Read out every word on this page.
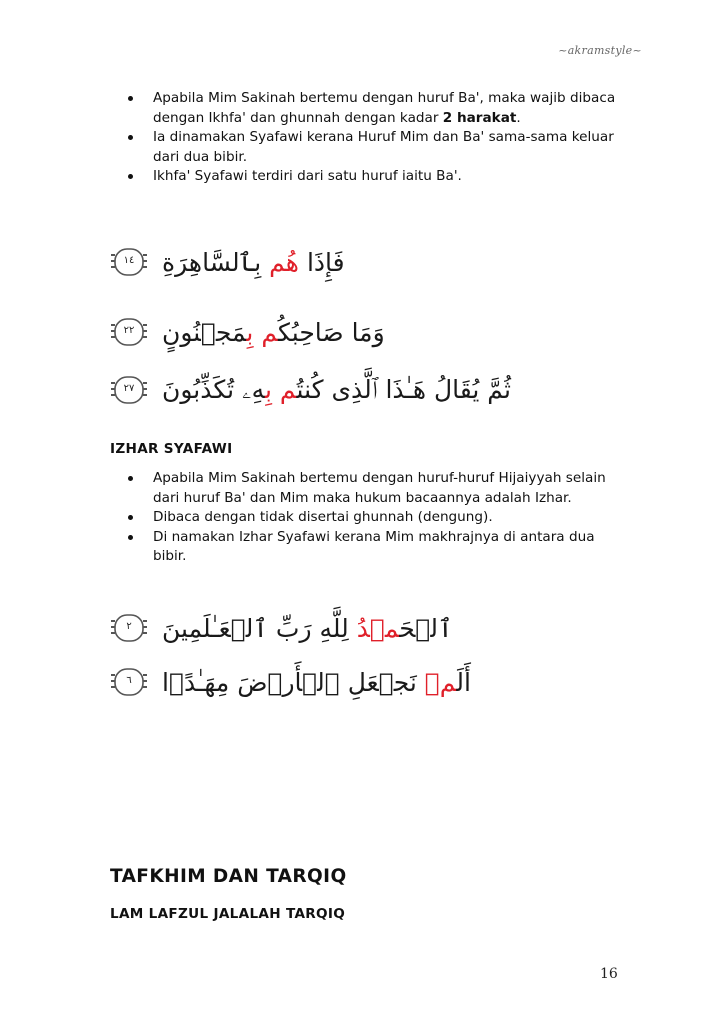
~akramstyle~
Apabila Mim Sakinah bertemu dengan huruf Ba', maka wajib dibaca dengan Ikhfa' dan ghunnah dengan kadar 2 harakat.
Ia dinamakan Syafawi kerana Huruf Mim dan Ba' sama-sama keluar dari dua bibir.
Ikhfa' Syafawi terdiri dari satu huruf iaitu Ba'.
١٤	فَإِذَا هُم بِٱلسَّاهِرَةِ
٢٢	وَمَا صَاحِبُكُم بِمَجۡنُونٍ
٢٧	ثُمَّ يُقَالُ هَـٰذَا ٱلَّذِى كُنتُم بِهِۦ تُكَذِّبُونَ
IZHAR SYAFAWI
Apabila Mim Sakinah bertemu dengan huruf-huruf Hijaiyyah selain dari huruf Ba' dan Mim maka hukum bacaannya adalah Izhar.
Dibaca dengan tidak disertai ghunnah (dengung).
Di namakan Izhar Syafawi kerana Mim makhrajnya di antara dua bibir.
٢	ٱلۡحَمۡدُ لِلَّهِ رَبِّ ٱلۡعَـٰلَمِينَ
٦	أَلَمۡ نَجۡعَلِ ٱلۡأَرۡضَ مِهَـٰدً۬ا
TAFKHIM DAN TARQIQ
LAM LAFZUL JALALAH TARQIQ
16
